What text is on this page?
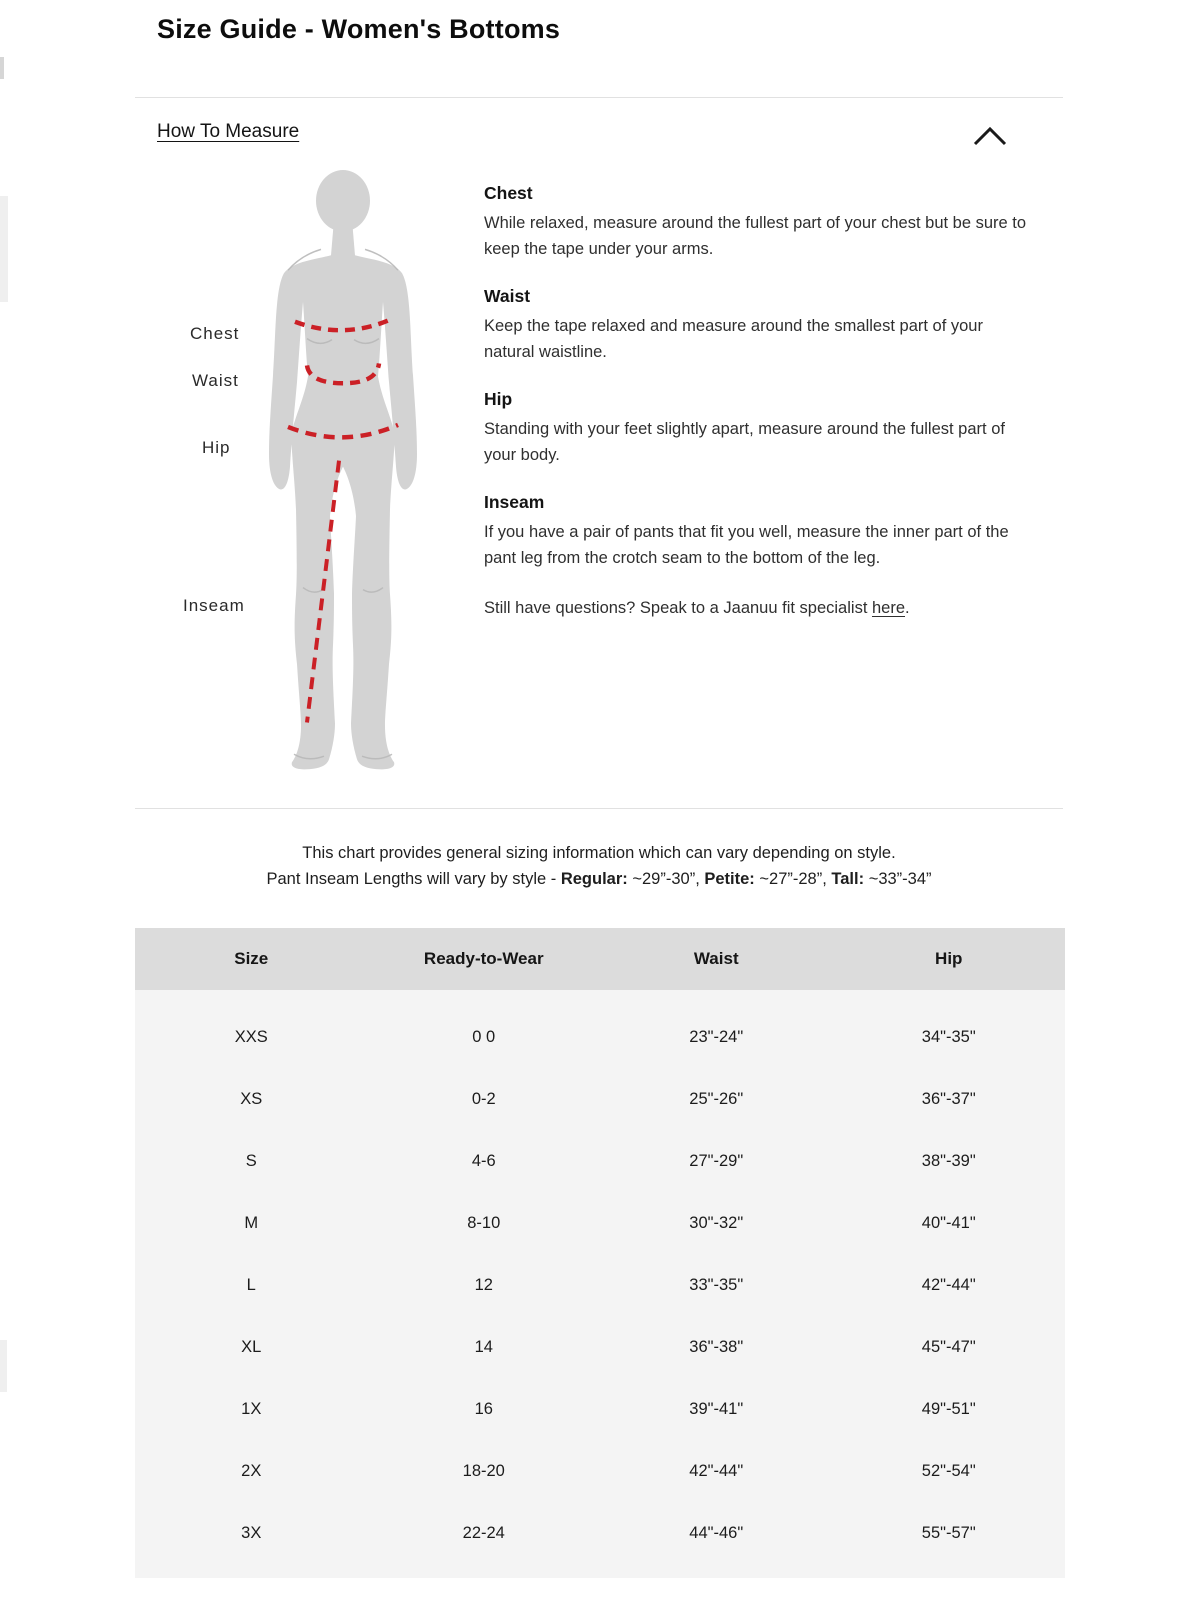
Size Guide - Women's Bottoms
How To Measure
Chest
Waist
Hip
Inseam
Chest

While relaxed, measure around the fullest part of your chest but be sure to keep the tape under your arms.

Waist

Keep the tape relaxed and measure around the smallest part of your natural waistline.

Hip

Standing with your feet slightly apart, measure around the fullest part of your body.

Inseam

If you have a pair of pants that fit you well, measure the inner part of the pant leg from the crotch seam to the bottom of the leg.

Still have questions? Speak to a Jaanuu fit specialist here.

This chart provides general sizing information which can vary depending on style.
Pant Inseam Lengths will vary by style - Regular: ~29”-30”, Petite: ~27”-28”, Tall: ~33”-34”
Size	Ready-to-Wear	Waist	Hip
XXS	0 0	23"-24"	34"-35"
XS	0-2	25"-26"	36"-37"
S	4-6	27"-29"	38"-39"
M	8-10	30"-32"	40"-41"
L	12	33"-35"	42"-44"
XL	14	36"-38"	45"-47"
1X	16	39"-41"	49"-51"
2X	18-20	42"-44"	52"-54"
3X	22-24	44"-46"	55"-57"
